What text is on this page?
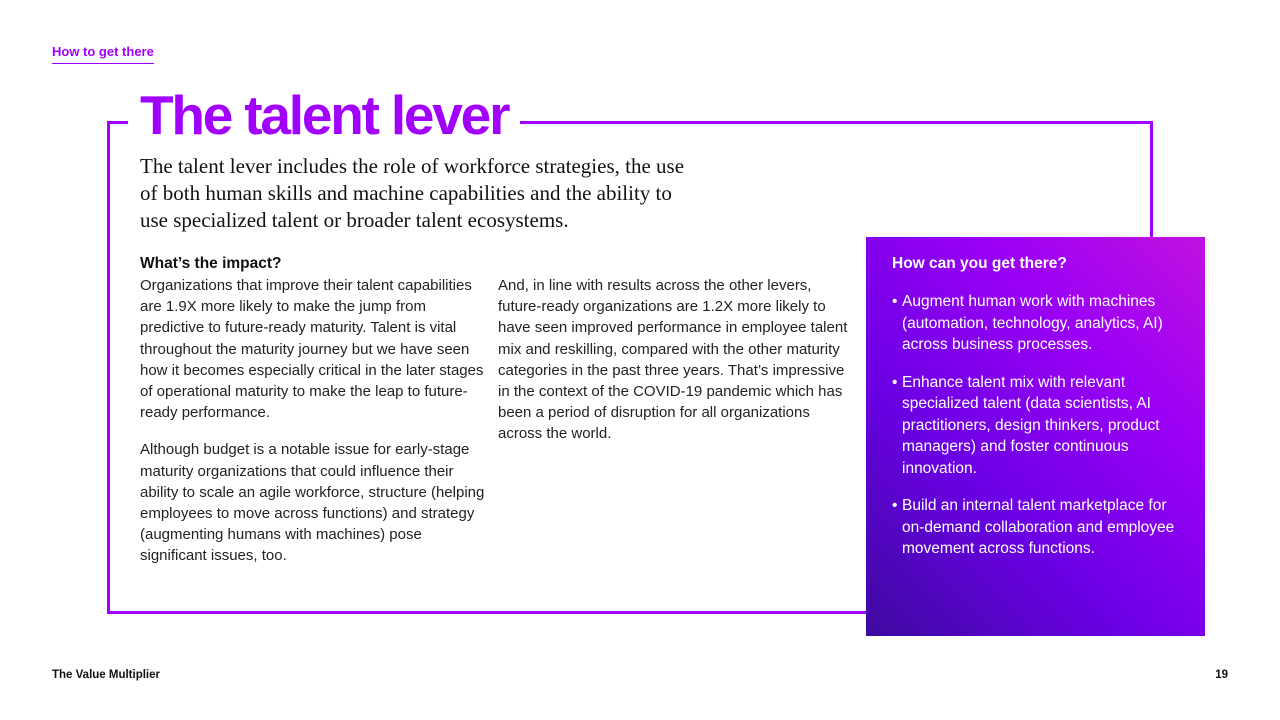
How to get there
The talent lever

The talent lever includes the role of workforce strategies, the use of both human skills and machine capabilities and the ability to use specialized talent or broader talent ecosystems.

What’s the impact?

Organizations that improve their talent capabilities are 1.9X more likely to make the jump from predictive to future-ready maturity. Talent is vital throughout the maturity journey but we have seen how it becomes especially critical in the later stages of operational maturity to make the leap to future-ready performance.

Although budget is a notable issue for early-stage maturity organizations that could influence their ability to scale an agile workforce, structure (helping employees to move across functions) and strategy (augmenting humans with machines) pose significant issues, too.

And, in line with results across the other levers, future-ready organizations are 1.2X more likely to have seen improved performance in employee talent mix and reskilling, compared with the other maturity categories in the past three years. That’s impressive in the context of the COVID-19 pandemic which has been a period of disruption for all organizations across the world.

How can you get there?
• Augment human work with machines (automation, technology, analytics, AI) across business processes.
• Enhance talent mix with relevant specialized talent (data scientists, AI practitioners, design thinkers, product managers) and foster continuous innovation.
• Build an internal talent marketplace for on-demand collaboration and employee movement across functions.
The Value Multiplier	19
